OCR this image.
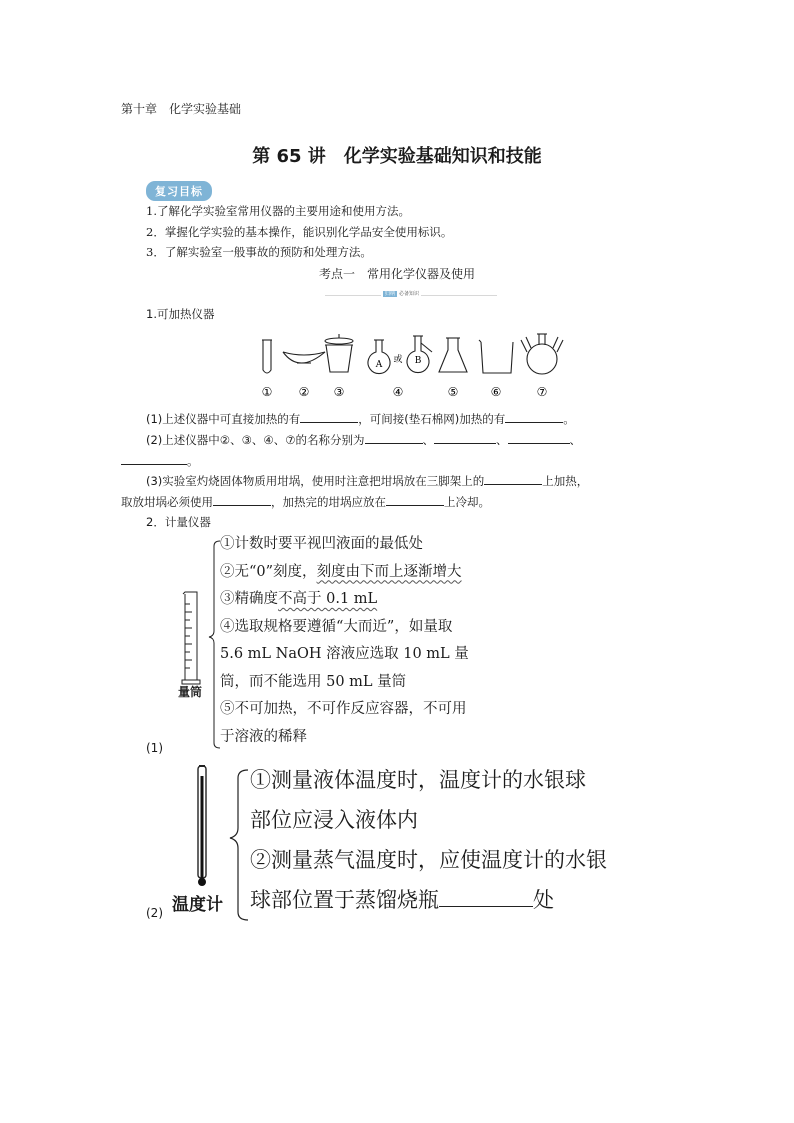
第十章　化学实验基础
第 65 讲　化学实验基础知识和技能
复习目标
1.了解化学实验室常用仪器的主要用途和使用方法。
2．掌握化学实验的基本操作，能识别化学品安全使用标识。
3．了解实验室一般事故的预防和处理方法。
考点一　常用化学仪器及使用
归纳 必备知识
1.可加热仪器
A	B
或
① ② ③	④	⑤	⑥	⑦
(1)上述仪器中可直接加热的有	，可间接(垫石棉网)加热的有	。
(2)上述仪器中②、③、④、⑦的名称分别为	、	、	、
。
(3)实验室灼烧固体物质用坩埚，使用时注意把坩埚放在三脚架上的	上加热，
取放坩埚必须使用	，加热完的坩埚应放在	上冷却。
2．计量仪器
量筒
(1)
①计数时要平视凹液面的最低处
②无“0”刻度，刻度由下而上逐渐增大
③精确度不高于 0.1 mL
④选取规格要遵循“大而近”，如量取
5.6 mL NaOH 溶液应选取 10 mL 量
筒，而不能选用 50 mL 量筒
⑤不可加热，不可作反应容器，不可用
于溶液的稀释
温度计
(2)
①测量液体温度时，温度计的水银球
部位应浸入液体内
②测量蒸气温度时，应使温度计的水银
球部位置于蒸馏烧瓶	处
